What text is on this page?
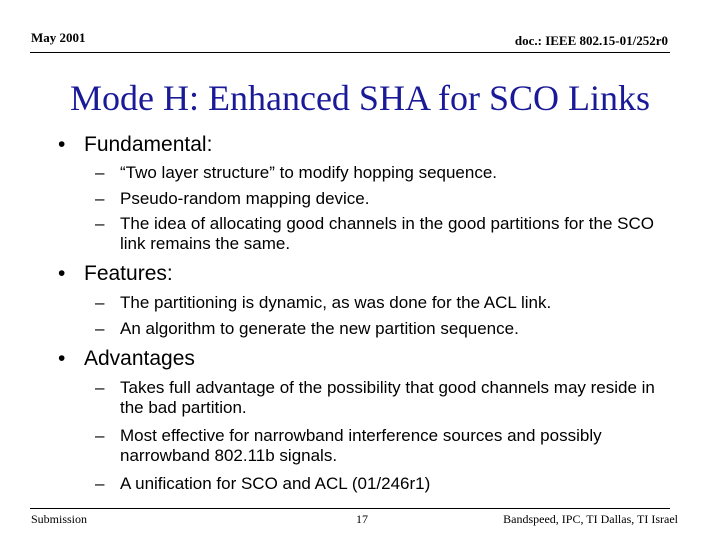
May 2001	doc.: IEEE 802.15-01/252r0
Mode H: Enhanced SHA for SCO Links
• Fundamental:
– “Two layer structure” to modify hopping sequence.
– Pseudo-random mapping device.
– The idea of allocating good channels in the good partitions for the SCO link remains the same.
• Features:
– The partitioning is dynamic, as was done for the ACL link.
– An algorithm to generate the new partition sequence.
• Advantages
– Takes full advantage of the possibility that good channels may reside in the bad partition.
– Most effective for narrowband interference sources and possibly narrowband 802.11b signals.
– A unification for SCO and ACL (01/246r1)
Submission	17	Bandspeed, IPC, TI Dallas, TI Israel
